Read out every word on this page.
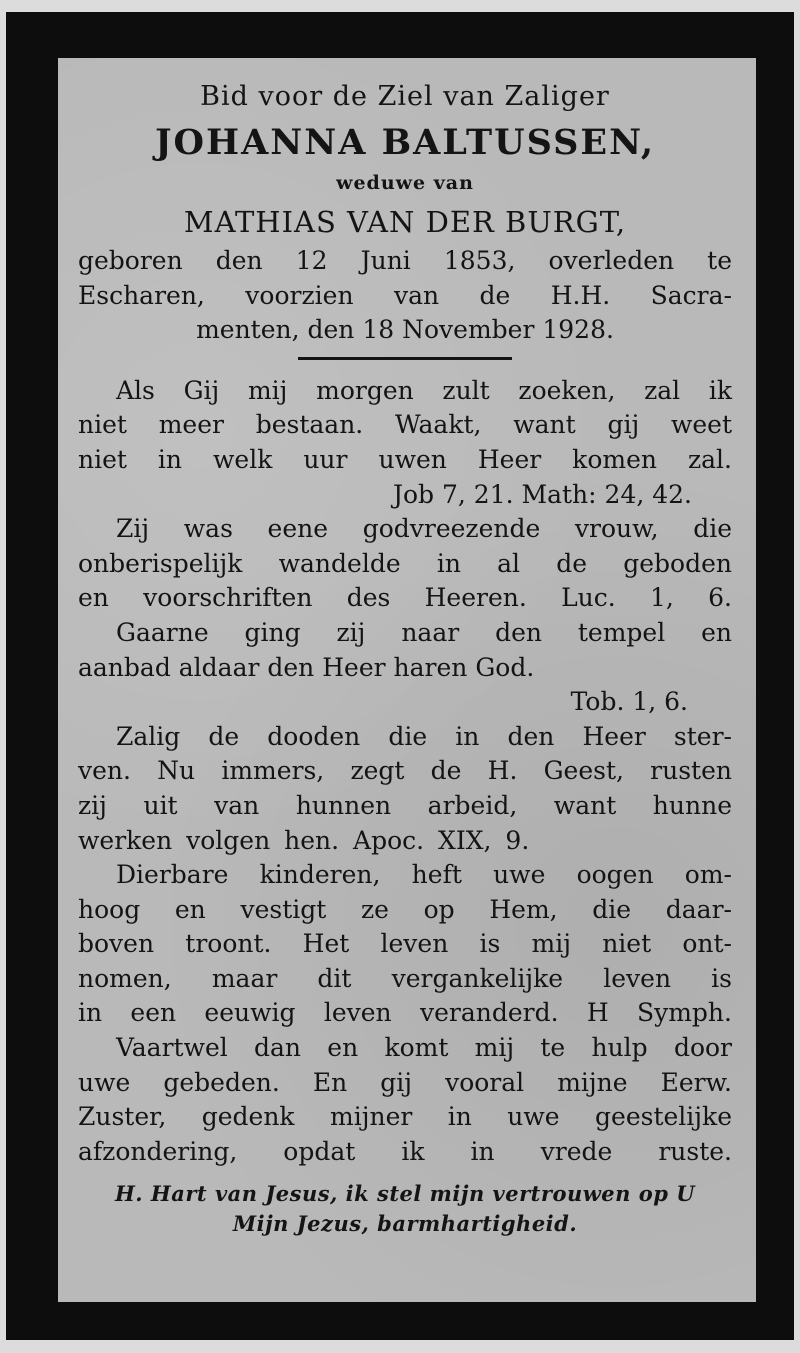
Bid voor de Ziel van Zaliger
JOHANNA BALTUSSEN,
weduwe van
MATHIAS VAN DER BURGT,
geboren den 12 Juni 1853, overleden te
Escharen, voorzien van de H.H. Sacra-
menten, den 18 November 1928.
Als Gij mij morgen zult zoeken, zal ik
niet meer bestaan. Waakt, want gij weet
niet in welk uur uwen Heer komen zal.
Job 7, 21. Math: 24, 42.
Zij was eene godvreezende vrouw, die
onberispelijk wandelde in al de geboden
en voorschriften des Heeren. Luc. 1, 6.
Gaarne ging zij naar den tempel en
aanbad aldaar den Heer haren God.
Tob. 1, 6.
Zalig de dooden die in den Heer ster-
ven. Nu immers, zegt de H. Geest, rusten
zij uit van hunnen arbeid, want hunne
werken volgen hen. Apoc. XIX, 9.
Dierbare kinderen, heft uwe oogen om-
hoog en vestigt ze op Hem, die daar-
boven troont. Het leven is mij niet ont-
nomen, maar dit vergankelijke leven is
in een eeuwig leven veranderd. H Symph.
Vaartwel dan en komt mij te hulp door
uwe gebeden. En gij vooral mijne Eerw.
Zuster, gedenk mijner in uwe geestelijke
afzondering, opdat ik in vrede ruste.
H. Hart van Jesus, ik stel mijn vertrouwen op U
Mijn Jezus, barmhartigheid.
